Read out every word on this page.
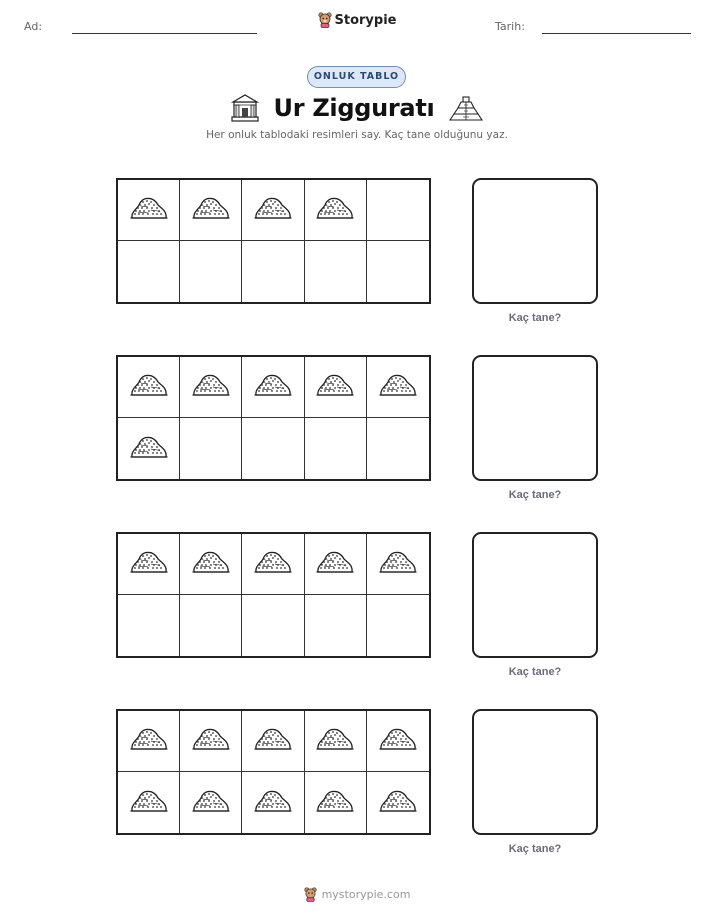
Ad:	Storypie	Tarih:
ONLUK TABLO
Ur Zigguratı
Her onluk tablodaki resimleri say. Kaç tane olduğunu yaz.
Kaç tane?
Kaç tane?
Kaç tane?
Kaç tane?
mystorypie.com
